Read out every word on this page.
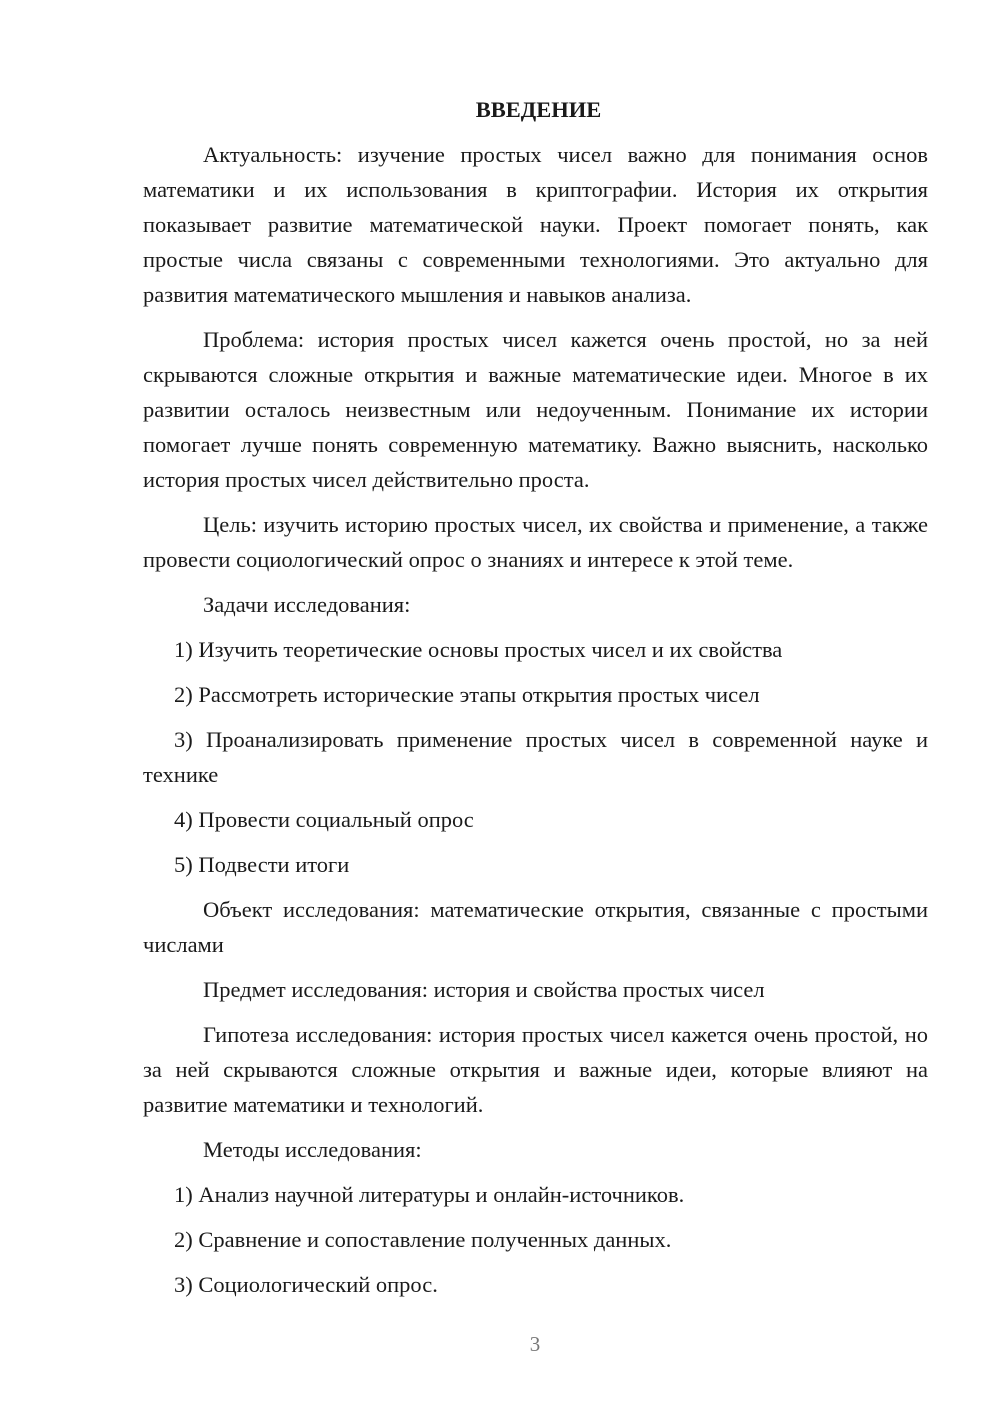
ВВЕДЕНИЕ

Актуальность: изучение простых чисел важно для понимания основ математики и их использования в криптографии. История их открытия показывает развитие математической науки. Проект помогает понять, как простые числа связаны с современными технологиями. Это актуально для развития математического мышления и навыков анализа.

Проблема: история простых чисел кажется очень простой, но за ней скрываются сложные открытия и важные математические идеи. Многое в их развитии осталось неизвестным или недоученным. Понимание их истории помогает лучше понять современную математику. Важно выяснить, насколько история простых чисел действительно проста.

Цель: изучить историю простых чисел, их свойства и применение, а также провести социологический опрос о знаниях и интересе к этой теме.

Задачи исследования:

1) Изучить теоретические основы простых чисел и их свойства

2) Рассмотреть исторические этапы открытия простых чисел

3) Проанализировать применение простых чисел в современной науке и технике

4) Провести социальный опрос

5) Подвести итоги

Объект исследования: математические открытия, связанные с простыми числами

Предмет исследования: история и свойства простых чисел

Гипотеза исследования: история простых чисел кажется очень простой, но за ней скрываются сложные открытия и важные идеи, которые влияют на развитие математики и технологий.

Методы исследования:

1) Анализ научной литературы и онлайн-источников.

2) Сравнение и сопоставление полученных данных.

3) Социологический опрос.

3
